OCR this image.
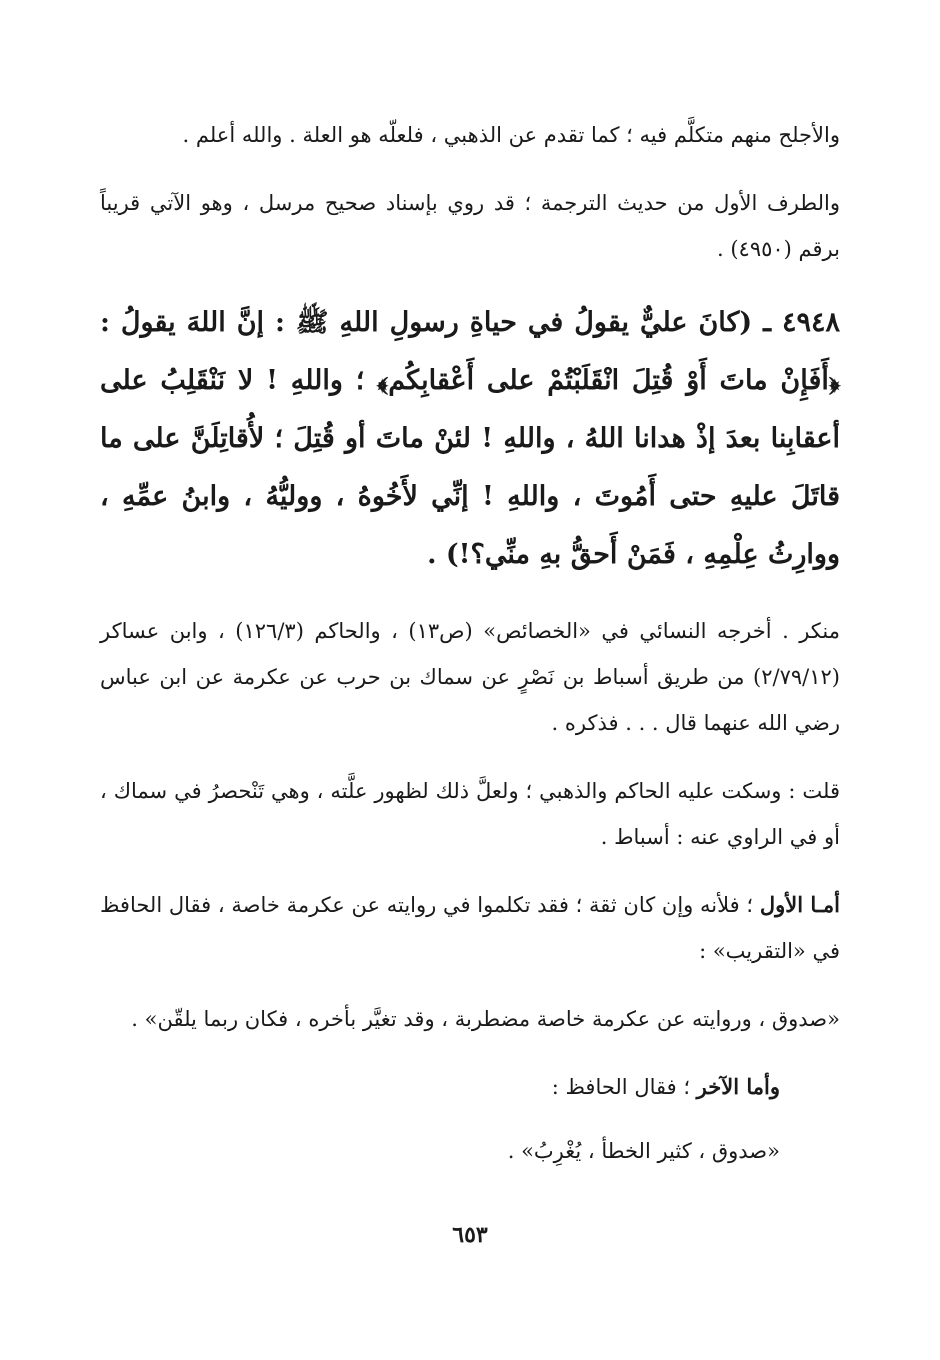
والأجلح منهم متكلَّم فيه ؛ كما تقدم عن الذهبي ، فلعلّه هو العلة . والله أعلم .

والطرف الأول من حديث الترجمة ؛ قد روي بإسناد صحيح مرسل ، وهو الآتي قريباً برقم (٤٩٥٠) .

٤٩٤٨ ـ (كانَ عليٌّ يقولُ في حياةِ رسولِ اللهِ ﷺ : إنَّ اللهَ يقولُ : ﴿أَفَإِنْ ماتَ أَوْ قُتِلَ انْقَلَبْتُمْ على أَعْقابِكُم﴾ ؛ واللهِ ! لا نَنْقَلِبُ على أعقابِنا بعدَ إذْ هدانا اللهُ ، واللهِ ! لئنْ ماتَ أو قُتِلَ ؛ لأُقاتِلَنَّ على ما قاتَلَ عليهِ حتى أَمُوتَ ، واللهِ ! إنِّي لأَخُوهُ ، ووليُّهُ ، وابنُ عمِّهِ ، ووارِثُ عِلْمِهِ ، فَمَنْ أَحقُّ بهِ منِّي؟!) .

منكر . أخرجه النسائي في «الخصائص» (ص١٣) ، والحاكم (١٢٦/٣) ، وابن عساكر (٢/٧٩/١٢) من طريق أسباط بن نَصْرٍ عن سماك بن حرب عن عكرمة عن ابن عباس رضي الله عنهما قال . . . فذكره .

قلت : وسكت عليه الحاكم والذهبي ؛ ولعلَّ ذلك لظهور علَّته ، وهي تَنْحصرُ في سماك ، أو في الراوي عنه : أسباط .

أمـا الأول ؛ فلأنه وإن كان ثقة ؛ فقد تكلموا في روايته عن عكرمة خاصة ، فقال الحافظ في «التقريب» :

«صدوق ، وروايته عن عكرمة خاصة مضطربة ، وقد تغيَّر بأخره ، فكان ربما يلقّن» .

وأما الآخر ؛ فقال الحافظ :

«صدوق ، كثير الخطأ ، يُغْرِبُ» .

٦٥٣
